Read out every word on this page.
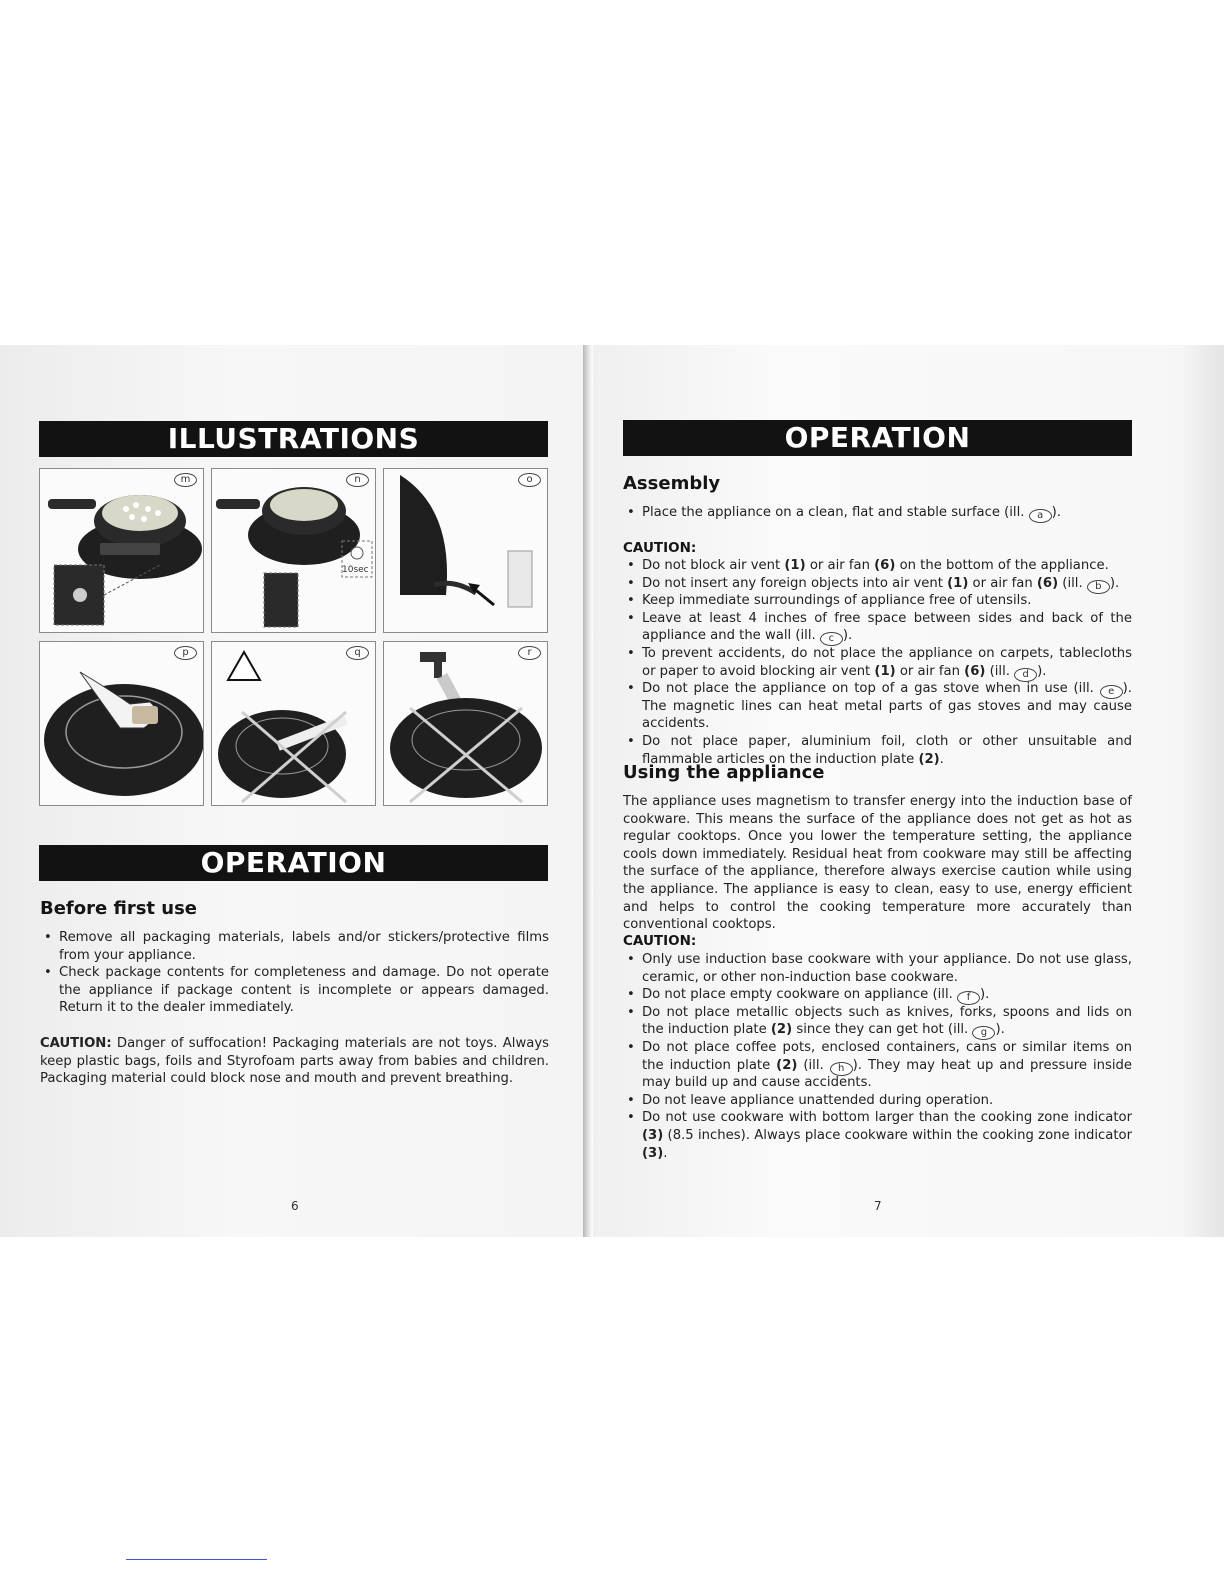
ILLUSTRATIONS
m	n
10sec
o
p	q	r
OPERATION
Before first use
• Remove all packaging materials, labels and/or stickers/protective films from your appliance.
• Check package contents for completeness and damage. Do not operate the appliance if package content is incomplete or appears damaged. Return it to the dealer immediately.

CAUTION: Danger of suffocation! Packaging materials are not toys. Always keep plastic bags, foils and Styrofoam parts away from babies and children. Packaging material could block nose and mouth and prevent breathing.

6
OPERATION
Assembly
• Place the appliance on a clean, flat and stable surface (ill. a ).
CAUTION:
• Do not block air vent (1) or air fan (6) on the bottom of the appliance.
• Do not insert any foreign objects into air vent (1) or air fan (6) (ill. b ).
• Keep immediate surroundings of appliance free of utensils.
• Leave at least 4 inches of free space between sides and back of the appliance and the wall (ill. c ).
• To prevent accidents, do not place the appliance on carpets, tablecloths or paper to avoid blocking air vent (1) or air fan (6) (ill. d ).
• Do not place the appliance on top of a gas stove when in use (ill. e ). The magnetic lines can heat metal parts of gas stoves and may cause accidents.
• Do not place paper, aluminium foil, cloth or other unsuitable and flammable articles on the induction plate (2).
Using the appliance

The appliance uses magnetism to transfer energy into the induction base of cookware. This means the surface of the appliance does not get as hot as regular cooktops. Once you lower the temperature setting, the appliance cools down immediately. Residual heat from cookware may still be affecting the surface of the appliance, therefore always exercise caution while using the appliance. The appliance is easy to clean, easy to use, energy efficient and helps to control the cooking temperature more accurately than conventional cooktops.

CAUTION:
• Only use induction base cookware with your appliance. Do not use glass, ceramic, or other non-induction base cookware.
• Do not place empty cookware on appliance (ill. f ).
• Do not place metallic objects such as knives, forks, spoons and lids on the induction plate (2) since they can get hot (ill. g ).
• Do not place coffee pots, enclosed containers, cans or similar items on the induction plate (2) (ill. h ). They may heat up and pressure inside may build up and cause accidents.
• Do not leave appliance unattended during operation.
• Do not use cookware with bottom larger than the cooking zone indicator (3) (8.5 inches). Always place cookware within the cooking zone indicator (3).
7
